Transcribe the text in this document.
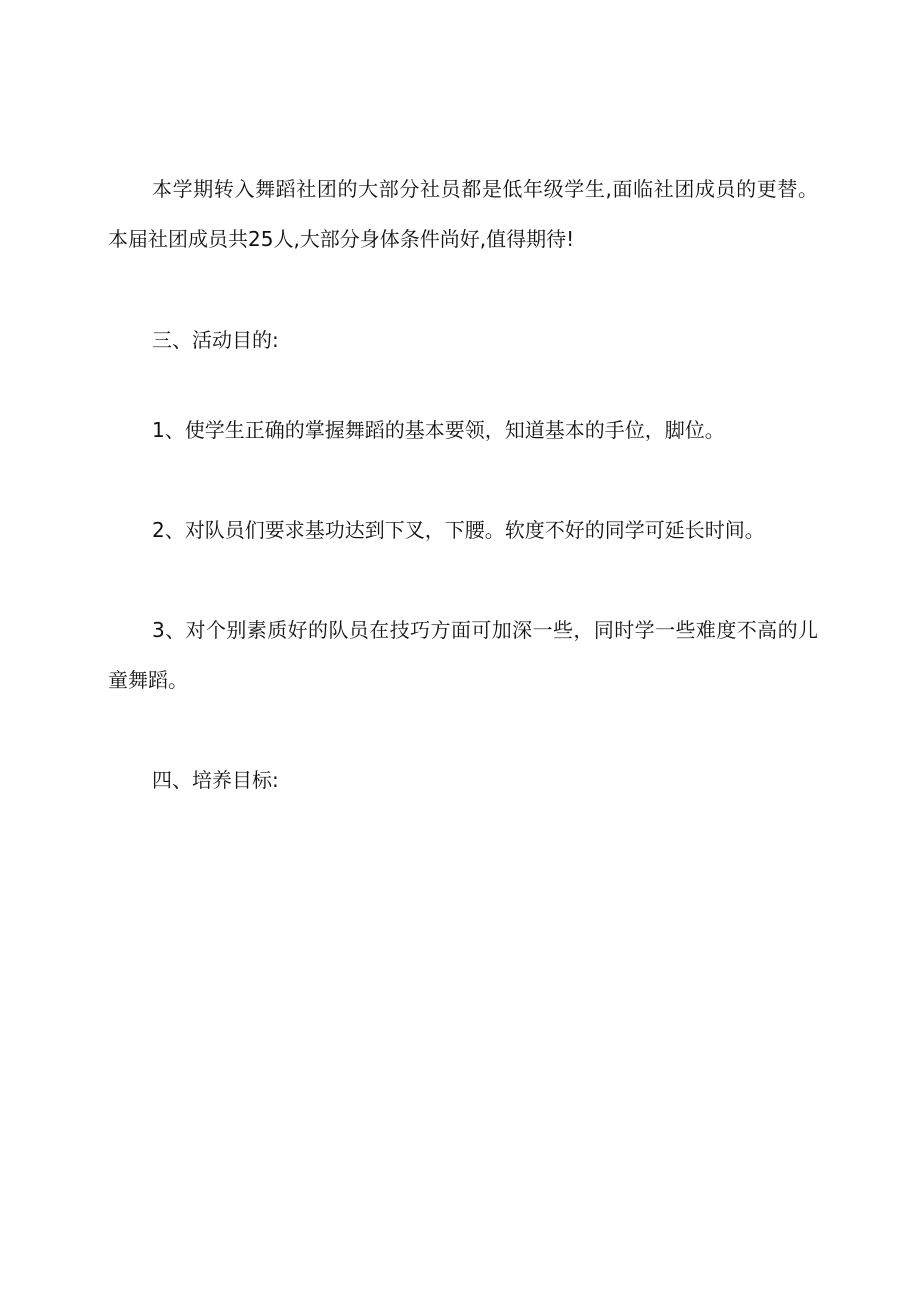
本学期转入舞蹈社团的大部分社员都是低年级学生,面临社团成员的更替。本届社团成员共25人,大部分身体条件尚好,值得期待!

三、活动目的:

1、使学生正确的掌握舞蹈的基本要领，知道基本的手位，脚位。

2、对队员们要求基功达到下叉，下腰。软度不好的同学可延长时间。

3、对个别素质好的队员在技巧方面可加深一些，同时学一些难度不高的儿童舞蹈。

四、培养目标:
